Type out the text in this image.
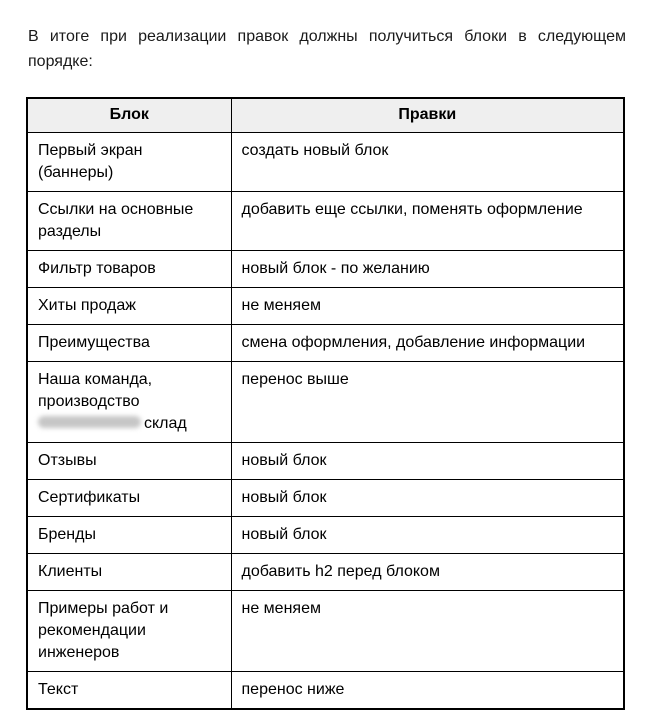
В итоге при реализации правок должны получиться блоки в следующем
порядке:

Блок	Правки
Первый экран (баннеры)	создать новый блок
Ссылки на основные разделы	добавить еще ссылки, поменять оформление
Фильтр товаров	новый блок - по желанию
Хиты продаж	не меняем
Преимущества	смена оформления, добавление информации
Наша команда, производство склад	перенос выше
Отзывы	новый блок
Сертификаты	новый блок
Бренды	новый блок
Клиенты	добавить h2 перед блоком
Примеры работ и рекомендации инженеров	не меняем
Текст	перенос ниже
